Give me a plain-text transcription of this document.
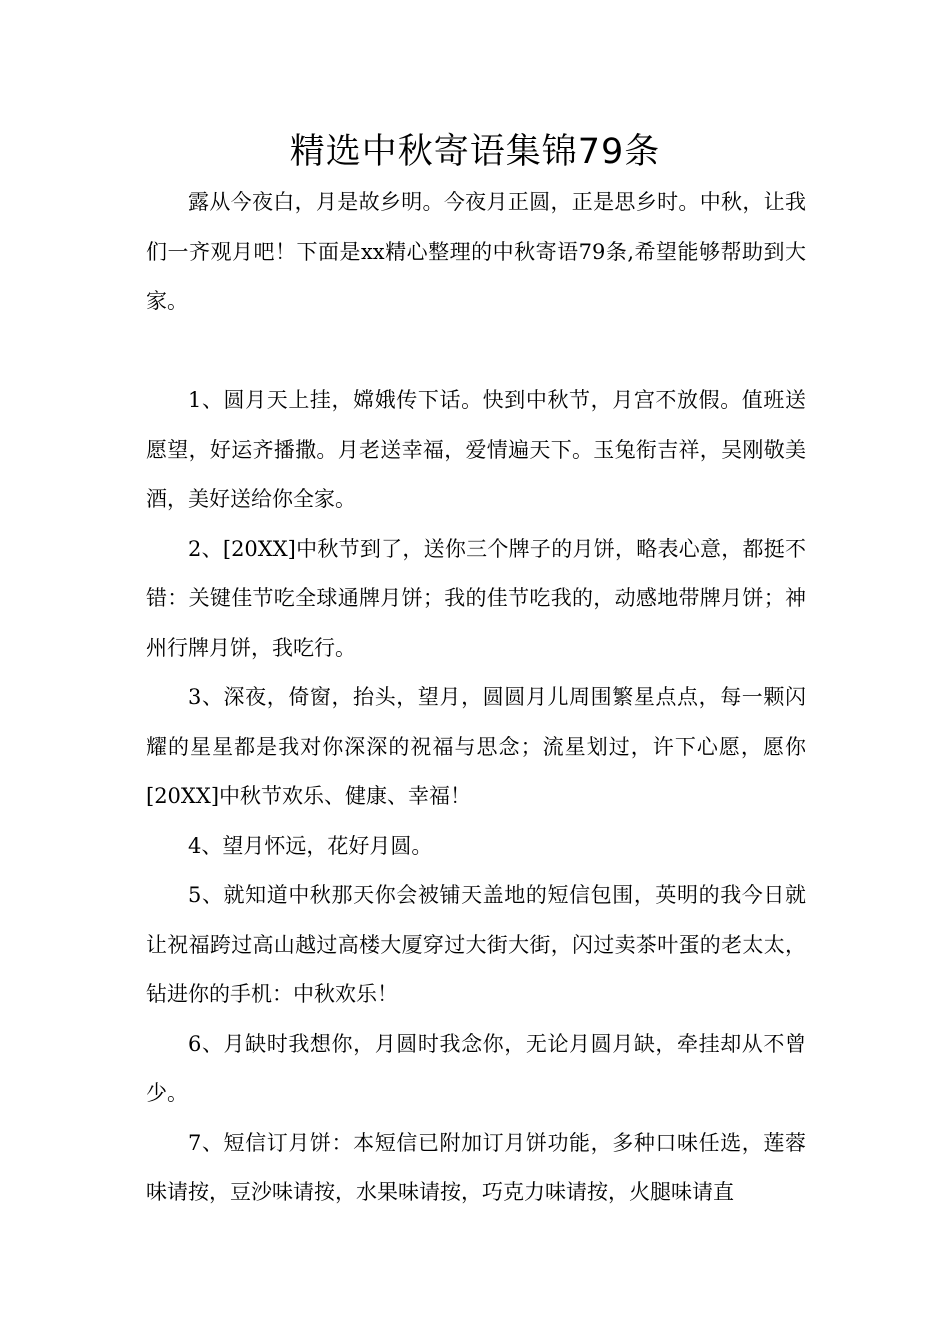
精选中秋寄语集锦79条

露从今夜白，月是故乡明。今夜月正圆，正是思乡时。中秋，让我们一齐观月吧！下面是xx精心整理的中秋寄语79条,希望能够帮助到大家。

1、圆月天上挂，嫦娥传下话。快到中秋节，月宫不放假。值班送愿望，好运齐播撒。月老送幸福，爱情遍天下。玉兔衔吉祥，吴刚敬美酒，美好送给你全家。

2、[20XX]中秋节到了，送你三个牌子的月饼，略表心意，都挺不错：关键佳节吃全球通牌月饼；我的佳节吃我的，动感地带牌月饼；神州行牌月饼，我吃行。

3、深夜，倚窗，抬头，望月，圆圆月儿周围繁星点点，每一颗闪耀的星星都是我对你深深的祝福与思念；流星划过，许下心愿，愿你[20XX]中秋节欢乐、健康、幸福！

4、望月怀远，花好月圆。

5、就知道中秋那天你会被铺天盖地的短信包围，英明的我今日就让祝福跨过高山越过高楼大厦穿过大街大街，闪过卖茶叶蛋的老太太，钻进你的手机：中秋欢乐！

6、月缺时我想你，月圆时我念你，无论月圆月缺，牵挂却从不曾少。

7、短信订月饼：本短信已附加订月饼功能，多种口味任选，莲蓉味请按，豆沙味请按，水果味请按，巧克力味请按，火腿味请直
